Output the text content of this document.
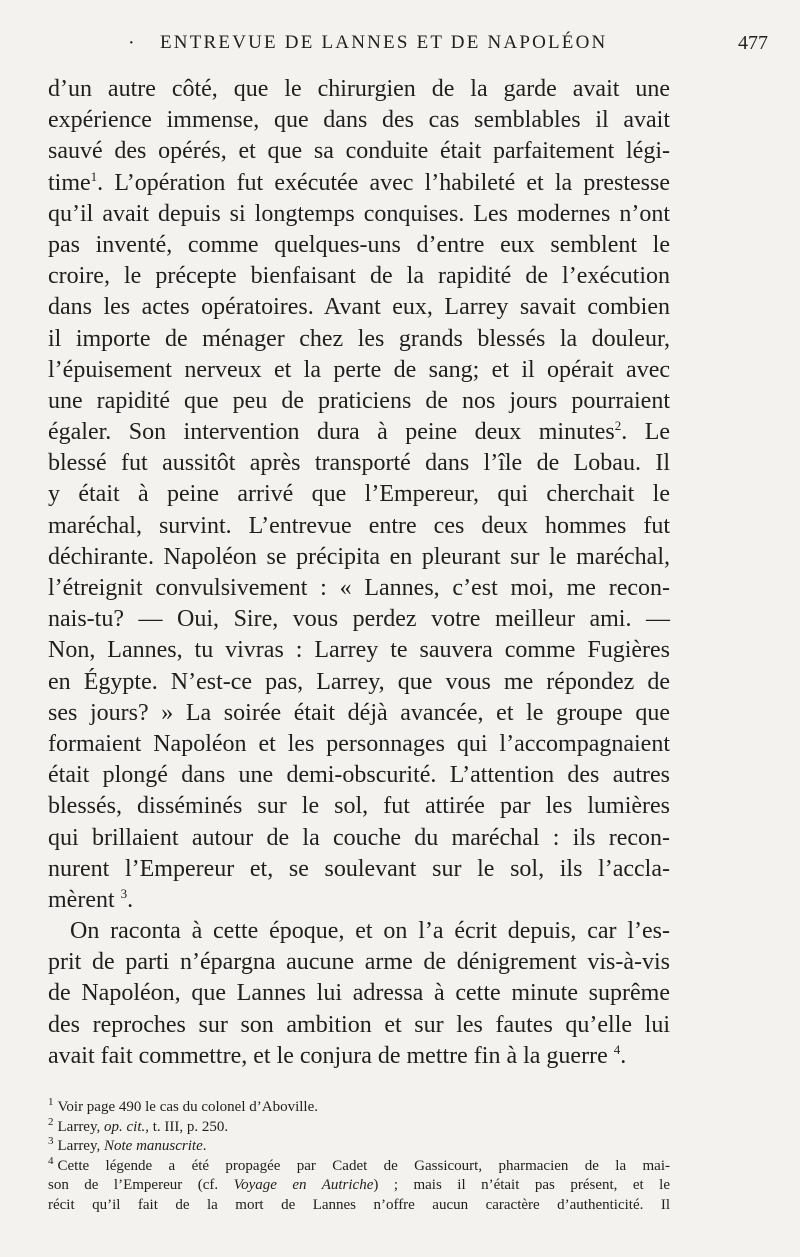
· ENTREVUE DE LANNES ET DE NAPOLÉON	477
d’un autre côté, que le chirurgien de la garde avait une
expérience immense, que dans des cas semblables il avait
sauvé des opérés, et que sa conduite était parfaitement légi-
time$^1$. L’opération fut exécutée avec l’habileté et la prestesse
qu’il avait depuis si longtemps conquises. Les modernes n’ont
pas inventé, comme quelques-uns d’entre eux semblent le
croire, le précepte bienfaisant de la rapidité de l’exécution
dans les actes opératoires. Avant eux, Larrey savait combien
il importe de ménager chez les grands blessés la douleur,
l’épuisement nerveux et la perte de sang; et il opérait avec
une rapidité que peu de praticiens de nos jours pourraient
égaler. Son intervention dura à peine deux minutes$^2$. Le
blessé fut aussitôt après transporté dans l’île de Lobau. Il
y était à peine arrivé que l’Empereur, qui cherchait le
maréchal, survint. L’entrevue entre ces deux hommes fut
déchirante. Napoléon se précipita en pleurant sur le maréchal,
l’étreignit convulsivement : « Lannes, c’est moi, me recon-
nais-tu? — Oui, Sire, vous perdez votre meilleur ami. —
Non, Lannes, tu vivras : Larrey te sauvera comme Fugières
en Égypte. N’est-ce pas, Larrey, que vous me répondez de
ses jours? » La soirée était déjà avancée, et le groupe que
formaient Napoléon et les personnages qui l’accompagnaient
était plongé dans une demi-obscurité. L’attention des autres
blessés, disséminés sur le sol, fut attirée par les lumières
qui brillaient autour de la couche du maréchal : ils recon-
nurent l’Empereur et, se soulevant sur le sol, ils l’accla-
mèrent $^3$.
On raconta à cette époque, et on l’a écrit depuis, car l’es-
prit de parti n’épargna aucune arme de dénigrement vis-à-vis
de Napoléon, que Lannes lui adressa à cette minute suprême
des reproches sur son ambition et sur les fautes qu’elle lui
avait fait commettre, et le conjura de mettre fin à la guerre $^4$.
$^1$ Voir page 490 le cas du colonel d’Aboville.
$^2$ Larrey, op. cit., t. III, p. 250.
$^3$ Larrey, Note manuscrite.
$^4$ Cette légende a été propagée par Cadet de Gassicourt, pharmacien de la mai-
son de l’Empereur (cf. Voyage en Autriche) ; mais il n’était pas présent, et le
récit qu’il fait de la mort de Lannes n’offre aucun caractère d’authenticité. Il
